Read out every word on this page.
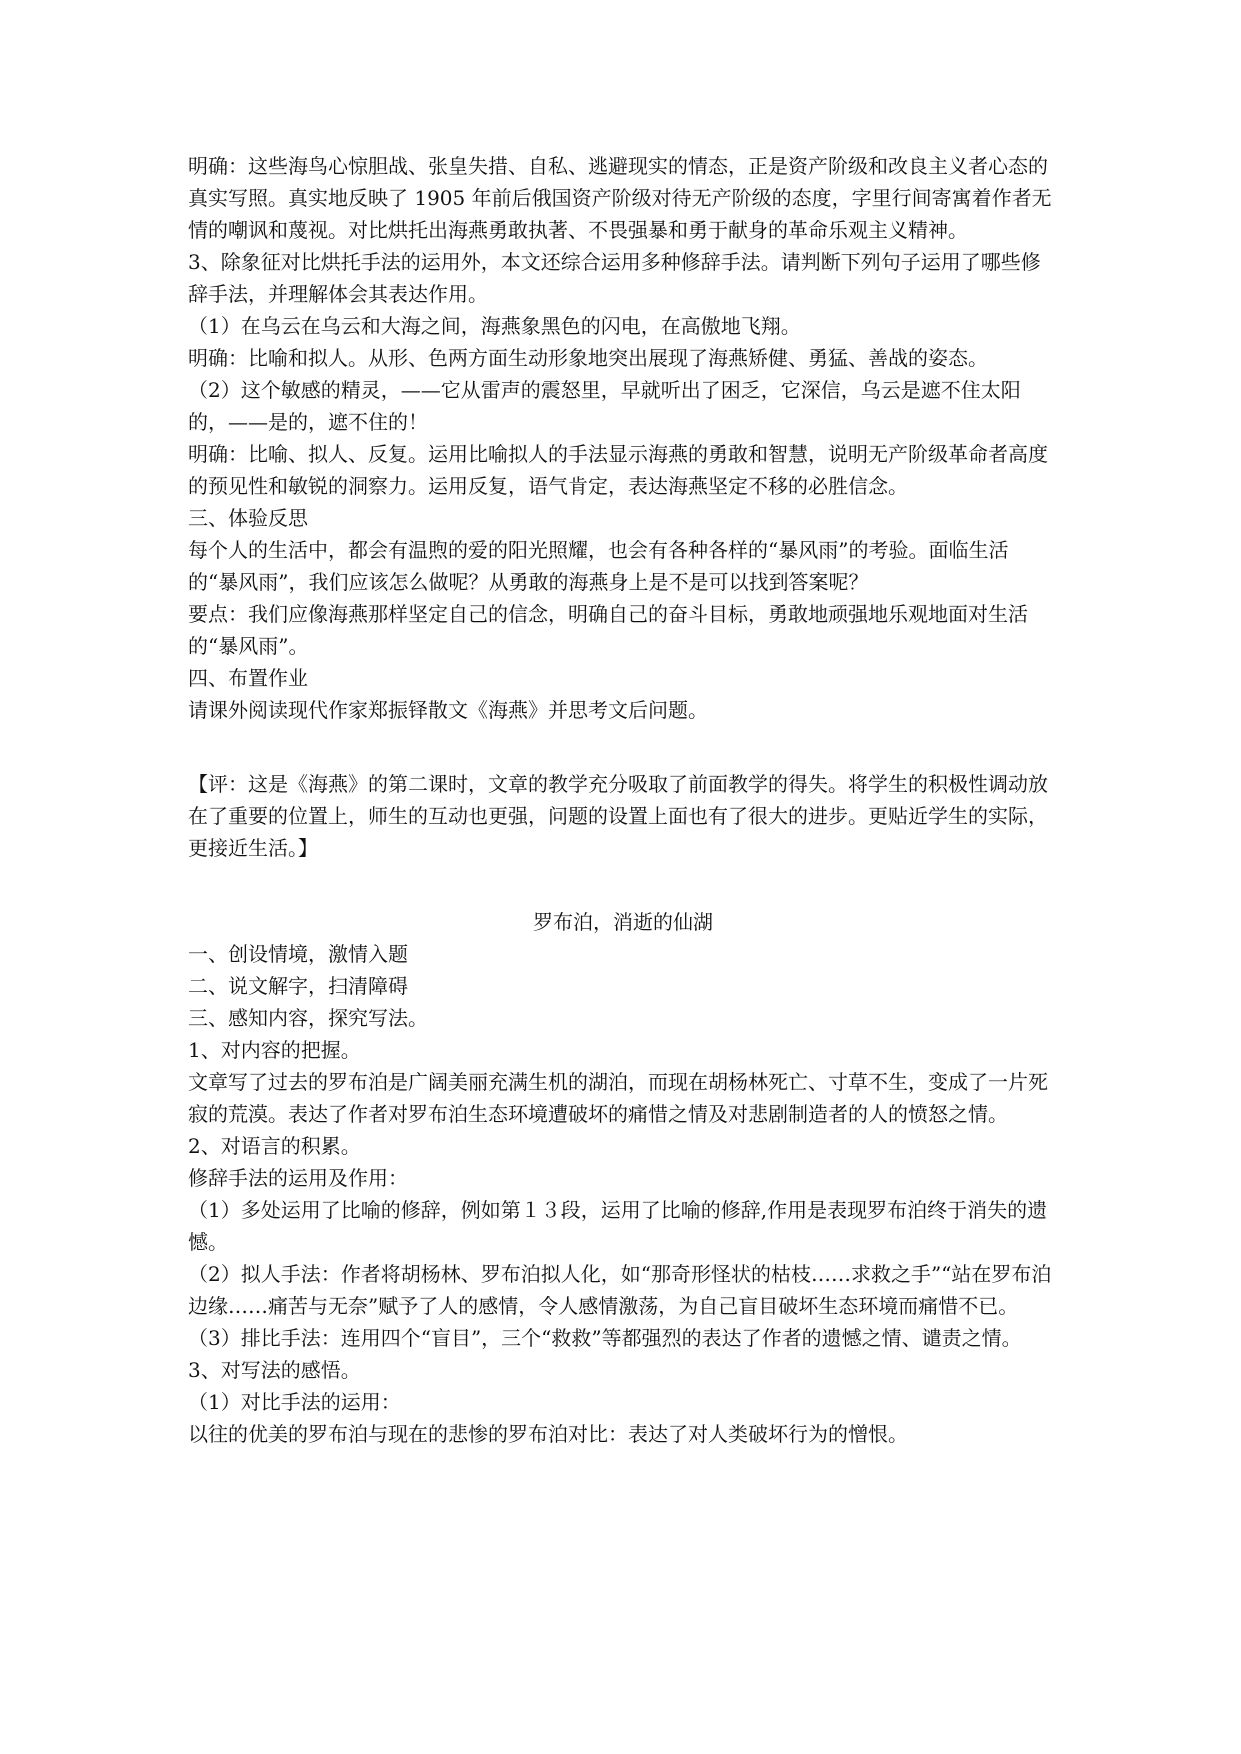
明确：这些海鸟心惊胆战、张皇失措、自私、逃避现实的情态，正是资产阶级和改良主义者心态的真实写照。真实地反映了 1905 年前后俄国资产阶级对待无产阶级的态度，字里行间寄寓着作者无情的嘲讽和蔑视。对比烘托出海燕勇敢执著、不畏强暴和勇于献身的革命乐观主义精神。

3、除象征对比烘托手法的运用外，本文还综合运用多种修辞手法。请判断下列句子运用了哪些修辞手法，并理解体会其表达作用。

（1）在乌云在乌云和大海之间，海燕象黑色的闪电，在高傲地飞翔。

明确：比喻和拟人。从形、色两方面生动形象地突出展现了海燕矫健、勇猛、善战的姿态。

（2）这个敏感的精灵，——它从雷声的震怒里，早就听出了困乏，它深信，乌云是遮不住太阳的，——是的，遮不住的！

明确：比喻、拟人、反复。运用比喻拟人的手法显示海燕的勇敢和智慧，说明无产阶级革命者高度的预见性和敏锐的洞察力。运用反复，语气肯定，表达海燕坚定不移的必胜信念。

三、体验反思

每个人的生活中，都会有温煦的爱的阳光照耀，也会有各种各样的“暴风雨”的考验。面临生活的“暴风雨”，我们应该怎么做呢？从勇敢的海燕身上是不是可以找到答案呢？

要点：我们应像海燕那样坚定自己的信念，明确自己的奋斗目标，勇敢地顽强地乐观地面对生活的“暴风雨”。

四、布置作业

请课外阅读现代作家郑振铎散文《海燕》并思考文后问题。

【评：这是《海燕》的第二课时，文章的教学充分吸取了前面教学的得失。将学生的积极性调动放在了重要的位置上，师生的互动也更强，问题的设置上面也有了很大的进步。更贴近学生的实际，更接近生活。】

罗布泊，消逝的仙湖

一、创设情境，激情入题

二、说文解字，扫清障碍

三、感知内容，探究写法。

1、对内容的把握。

文章写了过去的罗布泊是广阔美丽充满生机的湖泊，而现在胡杨林死亡、寸草不生，变成了一片死寂的荒漠。表达了作者对罗布泊生态环境遭破坏的痛惜之情及对悲剧制造者的人的愤怒之情。

2、对语言的积累。

修辞手法的运用及作用：

（1）多处运用了比喻的修辞，例如第１３段，运用了比喻的修辞,作用是表现罗布泊终于消失的遗憾。

（2）拟人手法：作者将胡杨林、罗布泊拟人化，如“那奇形怪状的枯枝……求救之手”“站在罗布泊边缘……痛苦与无奈”赋予了人的感情，令人感情激荡，为自己盲目破坏生态环境而痛惜不已。

（3）排比手法：连用四个“盲目”，三个“救救”等都强烈的表达了作者的遗憾之情、谴责之情。

3、对写法的感悟。

（1）对比手法的运用：

以往的优美的罗布泊与现在的悲惨的罗布泊对比：表达了对人类破坏行为的憎恨。
